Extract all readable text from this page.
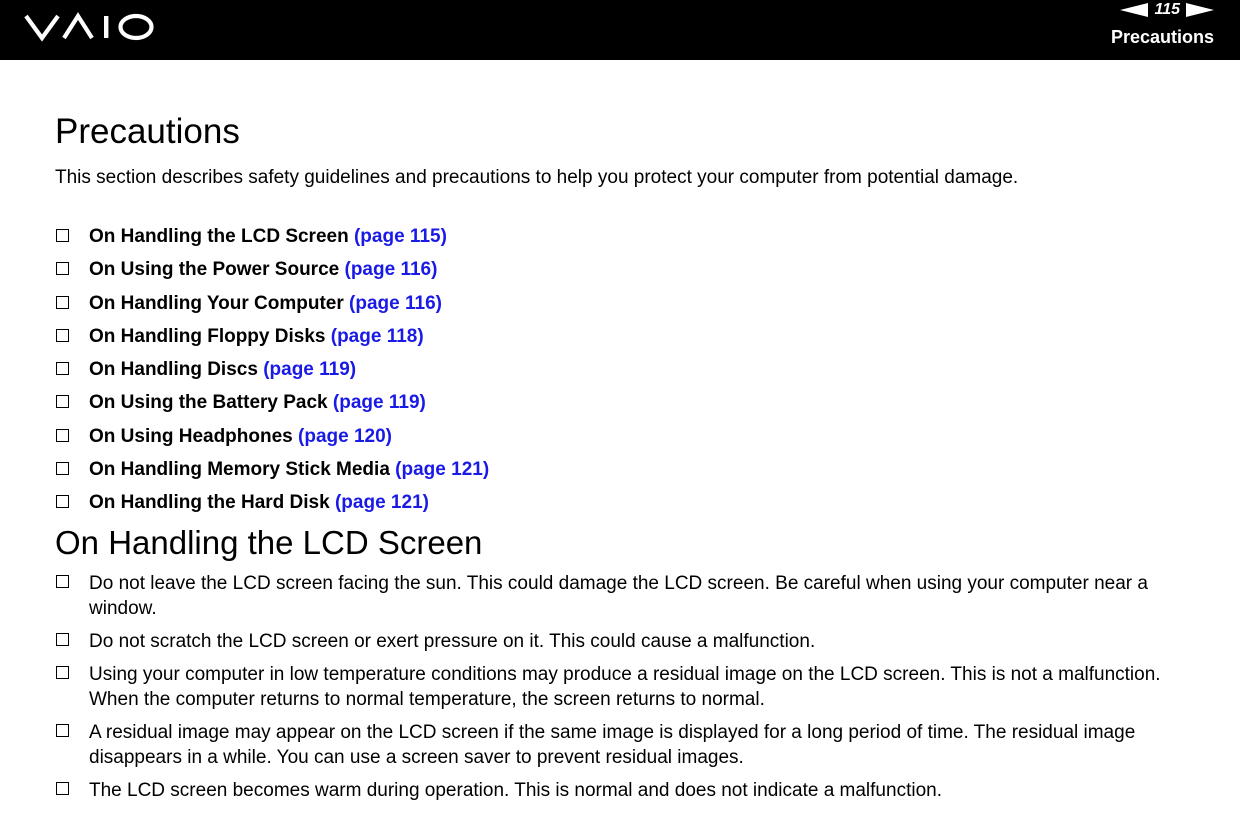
115
Precautions
Precautions

This section describes safety guidelines and precautions to help you protect your computer from potential damage.

On Handling the LCD Screen (page 115)
On Using the Power Source (page 116)
On Handling Your Computer (page 116)
On Handling Floppy Disks (page 118)
On Handling Discs (page 119)
On Using the Battery Pack (page 119)
On Using Headphones (page 120)
On Handling Memory Stick Media (page 121)
On Handling the Hard Disk (page 121)
On Handling the LCD Screen
Do not leave the LCD screen facing the sun. This could damage the LCD screen. Be careful when using your computer near a window.
Do not scratch the LCD screen or exert pressure on it. This could cause a malfunction.
Using your computer in low temperature conditions may produce a residual image on the LCD screen. This is not a malfunction. When the computer returns to normal temperature, the screen returns to normal.
A residual image may appear on the LCD screen if the same image is displayed for a long period of time. The residual image disappears in a while. You can use a screen saver to prevent residual images.
The LCD screen becomes warm during operation. This is normal and does not indicate a malfunction.
